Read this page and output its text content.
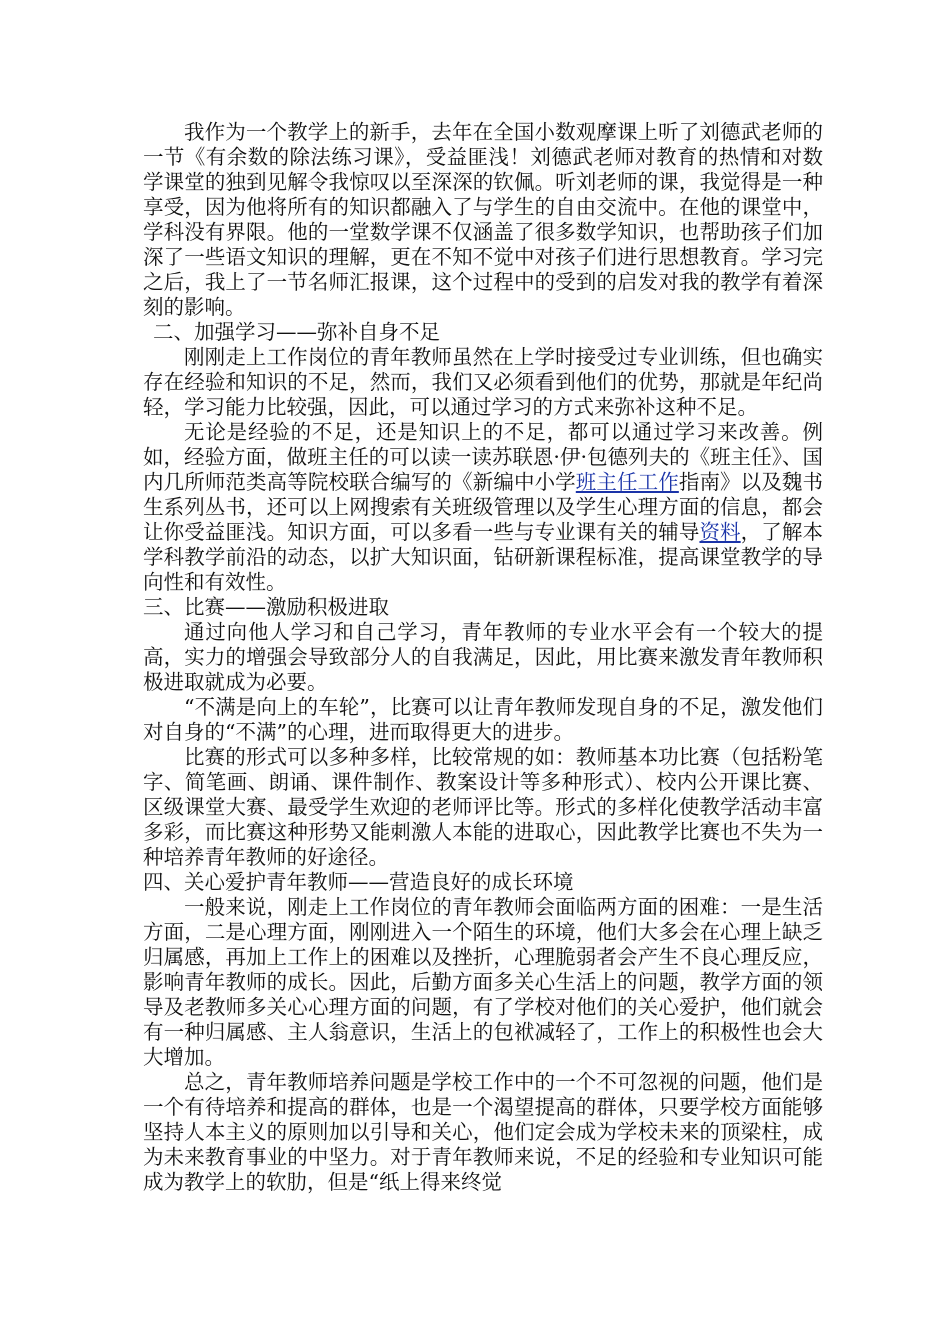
我作为一个教学上的新手，去年在全国小数观摩课上听了刘德武老师的一节《有余数的除法练习课》，受益匪浅！刘德武老师对教育的热情和对数学课堂的独到见解令我惊叹以至深深的钦佩。听刘老师的课，我觉得是一种享受，因为他将所有的知识都融入了与学生的自由交流中。在他的课堂中，学科没有界限。他的一堂数学课不仅涵盖了很多数学知识，也帮助孩子们加深了一些语文知识的理解，更在不知不觉中对孩子们进行思想教育。学习完之后，我上了一节名师汇报课，这个过程中的受到的启发对我的教学有着深刻的影响。

二、加强学习——弥补自身不足

刚刚走上工作岗位的青年教师虽然在上学时接受过专业训练，但也确实存在经验和知识的不足，然而，我们又必须看到他们的优势，那就是年纪尚轻，学习能力比较强，因此，可以通过学习的方式来弥补这种不足。

无论是经验的不足，还是知识上的不足，都可以通过学习来改善。例如，经验方面，做班主任的可以读一读苏联恩·伊·包德列夫的《班主任》、国内几所师范类高等院校联合编写的《新编中小学班主任工作指南》以及魏书生系列丛书，还可以上网搜索有关班级管理以及学生心理方面的信息，都会让你受益匪浅。知识方面，可以多看一些与专业课有关的辅导资料，了解本学科教学前沿的动态，以扩大知识面，钻研新课程标准，提高课堂教学的导向性和有效性。

三、比赛——激励积极进取

通过向他人学习和自己学习，青年教师的专业水平会有一个较大的提高，实力的增强会导致部分人的自我满足，因此，用比赛来激发青年教师积极进取就成为必要。

“不满是向上的车轮”，比赛可以让青年教师发现自身的不足，激发他们对自身的“不满”的心理，进而取得更大的进步。

比赛的形式可以多种多样，比较常规的如：教师基本功比赛（包括粉笔字、简笔画、朗诵、课件制作、教案设计等多种形式）、校内公开课比赛、区级课堂大赛、最受学生欢迎的老师评比等。形式的多样化使教学活动丰富多彩，而比赛这种形势又能刺激人本能的进取心，因此教学比赛也不失为一种培养青年教师的好途径。

四、关心爱护青年教师——营造良好的成长环境

一般来说，刚走上工作岗位的青年教师会面临两方面的困难：一是生活方面，二是心理方面，刚刚进入一个陌生的环境，他们大多会在心理上缺乏归属感，再加上工作上的困难以及挫折，心理脆弱者会产生不良心理反应，影响青年教师的成长。因此，后勤方面多关心生活上的问题，教学方面的领导及老教师多关心心理方面的问题，有了学校对他们的关心爱护，他们就会有一种归属感、主人翁意识，生活上的包袱减轻了，工作上的积极性也会大大增加。

总之，青年教师培养问题是学校工作中的一个不可忽视的问题，他们是一个有待培养和提高的群体，也是一个渴望提高的群体，只要学校方面能够坚持人本主义的原则加以引导和关心，他们定会成为学校未来的顶梁柱，成为未来教育事业的中坚力。对于青年教师来说，不足的经验和专业知识可能成为教学上的软肋，但是“纸上得来终觉
